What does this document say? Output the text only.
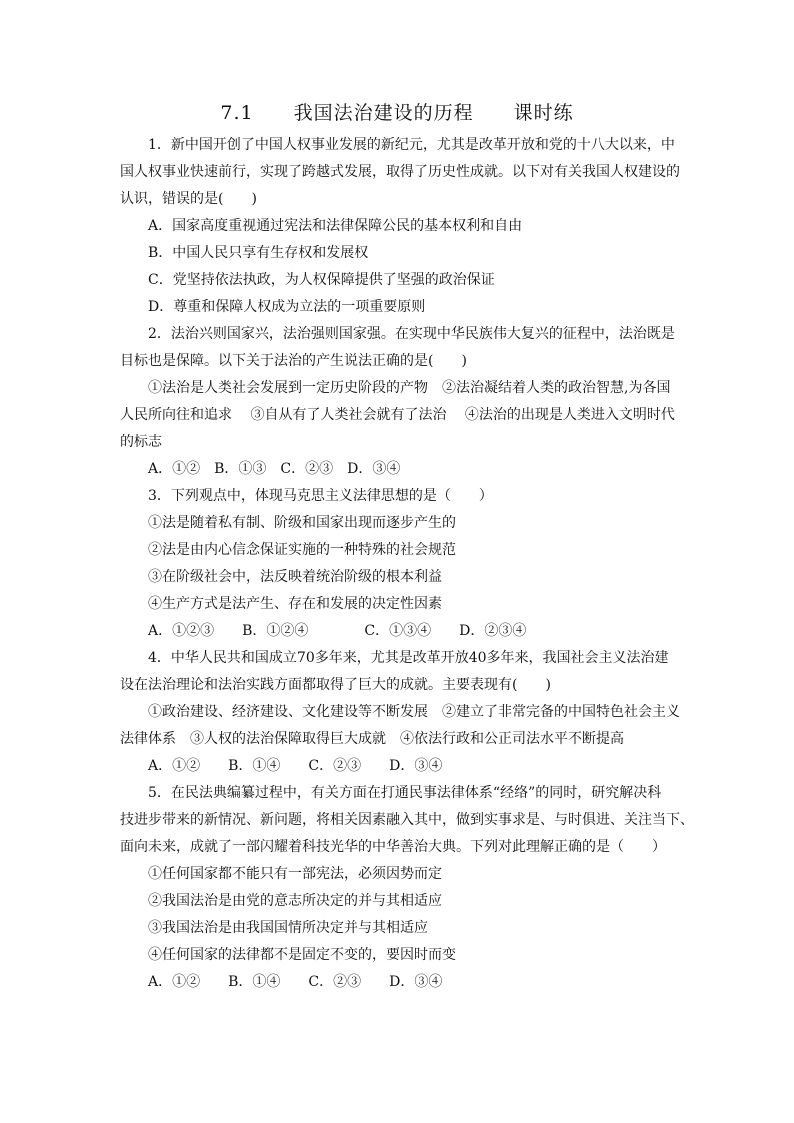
7.1　　我国法治建设的历程　　课时练
1．新中国开创了中国人权事业发展的新纪元，尤其是改革开放和党的十八大以来，中
国人权事业快速前行，实现了跨越式发展，取得了历史性成就。以下对有关我国人权建设的
认识，错误的是(　　)
A．国家高度重视通过宪法和法律保障公民的基本权利和自由
B．中国人民只享有生存权和发展权
C．党坚持依法执政，为人权保障提供了坚强的政治保证
D．尊重和保障人权成为立法的一项重要原则
2．法治兴则国家兴，法治强则国家强。在实现中华民族伟大复兴的征程中，法治既是
目标也是保障。以下关于法治的产生说法正确的是(　　)
①法治是人类社会发展到一定历史阶段的产物　②法治凝结着人类的政治智慧,为各国
人民所向往和追求　 ③自从有了人类社会就有了法治　 ④法治的出现是人类进入文明时代
的标志
A．①②　B．①③　C．②③　D．③④
3．下列观点中，体现马克思主义法律思想的是（　　）
①法是随着私有制、阶级和国家出现而逐步产生的
②法是由内心信念保证实施的一种特殊的社会规范
③在阶级社会中，法反映着统治阶级的根本利益
④生产方式是法产生、存在和发展的决定性因素
A．①②③　　B．①②④　　　　C．①③④　　D．②③④
4．中华人民共和国成立70多年来，尤其是改革开放40多年来，我国社会主义法治建
设在法治理论和法治实践方面都取得了巨大的成就。主要表现有(　　)
①政治建设、经济建设、文化建设等不断发展　②建立了非常完备的中国特色社会主义
法律体系　③人权的法治保障取得巨大成就　④依法行政和公正司法水平不断提高
A．①②　　B．①④　　C．②③　　D．③④
5．在民法典编纂过程中，有关方面在打通民事法律体系“经络”的同时，研究解决科
技进步带来的新情况、新问题，将相关因素融入其中，做到实事求是、与时俱进、关注当下、
面向未来，成就了一部闪耀着科技光华的中华善治大典。下列对此理解正确的是（　　）
①任何国家都不能只有一部宪法，必须因势而定
②我国法治是由党的意志所决定的并与其相适应
③我国法治是由我国国情所决定并与其相适应
④任何国家的法律都不是固定不变的，要因时而变
A．①②　　B．①④　　C．②③　　D．③④
